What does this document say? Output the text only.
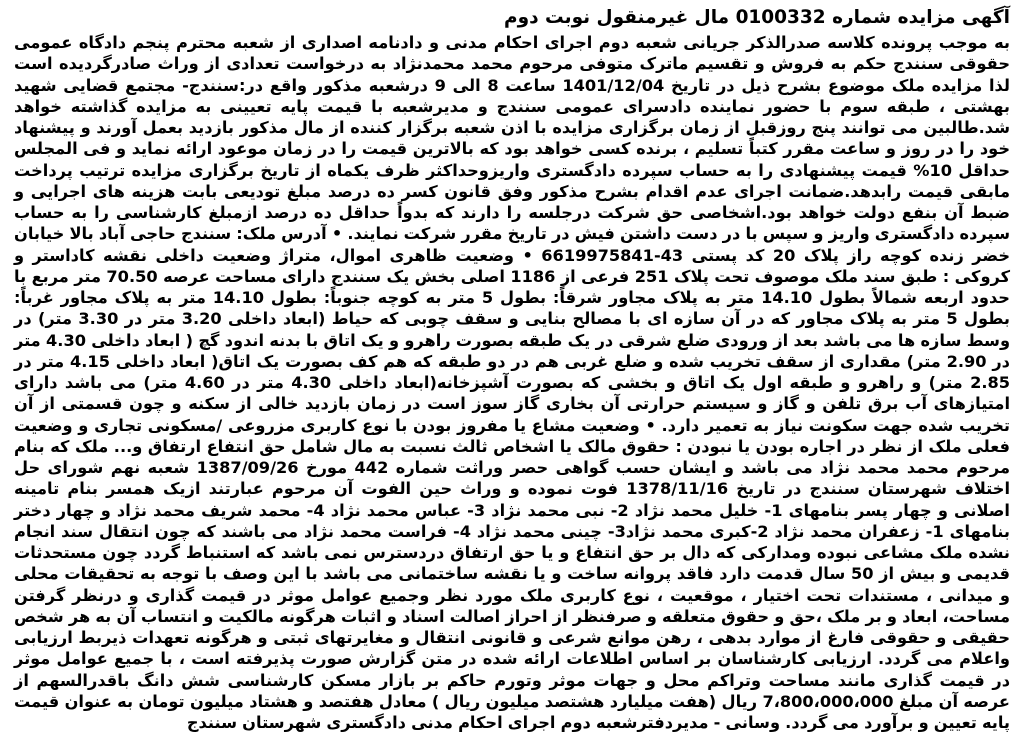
آگهی مزایده شماره 0100332 مال غیرمنقول نوبت دوم

به موجب پرونده کلاسه صدرالذکر جریانی شعبه دوم اجرای احکام مدنی و دادنامه اصداری از شعبه محترم پنجم دادگاه عمومی حقوقی سنندج حکم به فروش و تقسیم ماترک متوفی مرحوم محمد محمدنژاد به درخواست تعدادی از وراث صادرگردیده است لذا مزایده ملک موضوع بشرح ذیل در تاریخ 1401/12/04 ساعت 8 الی 9 درشعبه مذکور واقع در:سنندج- مجتمع قضایی شهید بهشتی ، طبقه سوم با حضور نماینده دادسرای عمومی سنندج و مدیرشعبه با قیمت پایه تعیینی به مزایده گذاشته خواهد شد.طالبین می توانند پنج روزقبل از زمان برگزاری مزایده با اذن شعبه برگزار کننده از مال مذکور بازدید بعمل آورند و پیشنهاد خود را در روز و ساعت مقرر کتباً تسلیم ، برنده کسی خواهد بود که بالاترین قیمت را در زمان موعود ارائه نماید و فی المجلس حداقل 10% قیمت پیشنهادی را به حساب سپرده دادگستری واریزوحداکثر ظرف یکماه از تاریخ برگزاری مزایده ترتیب پرداخت مابقی قیمت رابدهد.ضمانت اجرای عدم اقدام بشرح مذکور وفق قانون کسر ده درصد مبلغ تودیعی بابت هزینه های اجرایی و ضبط آن بنفع دولت خواهد بود.اشخاصی حق شرکت درجلسه را دارند که بدواً حداقل ده درصد ازمبلغ کارشناسی را به حساب سپرده دادگستری واریز و سپس با در دست داشتن فیش در تاریخ مقرر شرکت نمایند. • آدرس ملک: سنندج حاجی آباد بالا خیابان خضر زنده کوچه راز پلاک 20 کد پستی 43-6619975841 • وضعیت ظاهری اموال، متراژ وضعیت داخلی نقشه کاداستر و کروکی : طبق سند ملک موصوف تحت پلاک 251 فرعی از 1186 اصلی بخش یک سنندج دارای مساحت عرصه 70.50 متر مربع با حدود اربعه شمالاً بطول 14.10 متر به پلاک مجاور شرقاً: بطول 5 متر به کوچه جنوباً: بطول 14.10 متر به پلاک مجاور غرباً: بطول 5 متر به پلاک مجاور که در آن سازه ای با مصالح بنایی و سقف چوبی که حیاط (ابعاد داخلی 3.20 متر در 3.30 متر) در وسط سازه ها می باشد بعد از ورودی ضلع شرقی در یک طبقه بصورت راهرو و یک اتاق با بدنه اندود گچ ( ابعاد داخلی 4.30 متر در 2.90 متر) مقداری از سقف تخریب شده و ضلع غربی هم در دو طبقه که هم کف بصورت یک اتاق( ابعاد داخلی 4.15 متر در 2.85 متر) و راهرو و طبقه اول یک اتاق و بخشی که بصورت آشپزخانه(ابعاد داخلی 4.30 متر در 4.60 متر) می باشد دارای امتیازهای آب برق تلفن و گاز و سیستم حرارتی آن بخاری گاز سوز است در زمان بازدید خالی از سکنه و چون قسمتی از آن تخریب شده جهت سکونت نیاز به تعمیر دارد. • وضعیت مشاع یا مفروز بودن با نوع کاربری مزروعی /مسکونی تجاری و وضعیت فعلی ملک از نظر در اجاره بودن یا نبودن : حقوق مالک یا اشخاص ثالث نسبت به مال شامل حق انتفاع ارتفاق و... ملک که بنام مرحوم محمد محمد نژاد می باشد و ایشان حسب گواهی حصر وراثت شماره 442 مورخ 1387/09/26 شعبه نهم شورای حل اختلاف شهرستان سنندج در تاریخ 1378/11/16 فوت نموده و وراث حین الفوت آن مرحوم عبارتند ازیک همسر بنام تامینه اصلانی و چهار پسر بنامهای 1- خلیل محمد نژاد 2- نبی محمد نژاد 3- عباس محمد نژاد 4- محمد شریف محمد نژاد و چهار دختر بنامهای 1- زعفران محمد نژاد 2-کبری محمد نژاد3- چینی محمد نژاد 4- فراست محمد نژاد می باشند که چون انتقال سند انجام نشده ملک مشاعی نبوده ومدارکی که دال بر حق انتفاع و یا حق ارتفاق دردسترس نمی باشد که استنباط گردد چون مستحدثات قدیمی و بیش از 50 سال قدمت دارد فاقد پروانه ساخت و یا نقشه ساختمانی می باشد با این وصف با توجه به تحقیقات محلی و میدانی ، مستندات تحت اختیار ، موقعیت ، نوع کاربری ملک مورد نظر وجمیع عوامل موثر در قیمت گذاری و درنظر گرفتن مساحت، ابعاد و بر ملک ،حق و حقوق متعلقه و صرفنظر از احراز اصالت اسناد و اثبات هرگونه مالکیت و انتساب آن به هر شخص حقیقی و حقوقی فارغ از موارد بدهی ، رهن موانع شرعی و قانونی انتقال و مغایرتهای ثبتی و هرگونه تعهدات ذیربط ارزیابی واعلام می گردد. ارزیابی کارشناسان بر اساس اطلاعات ارائه شده در متن گزارش صورت پذیرفته است ، با جمیع عوامل موثر در قیمت گذاری مانند مساحت وتراکم محل و جهات موثر وتورم حاکم بر بازار مسکن کارشناسی شش دانگ باقدرالسهم از عرصه آن مبلغ 7،800،000،000 ریال (هفت میلیارد هشتصد میلیون ریال ) معادل هفتصد و هشتاد میلیون تومان به عنوان قیمت پایه تعیین و برآورد می گردد. وسانی - مدیردفترشعبه دوم اجرای احکام مدنی دادگستری شهرستان سنندج
